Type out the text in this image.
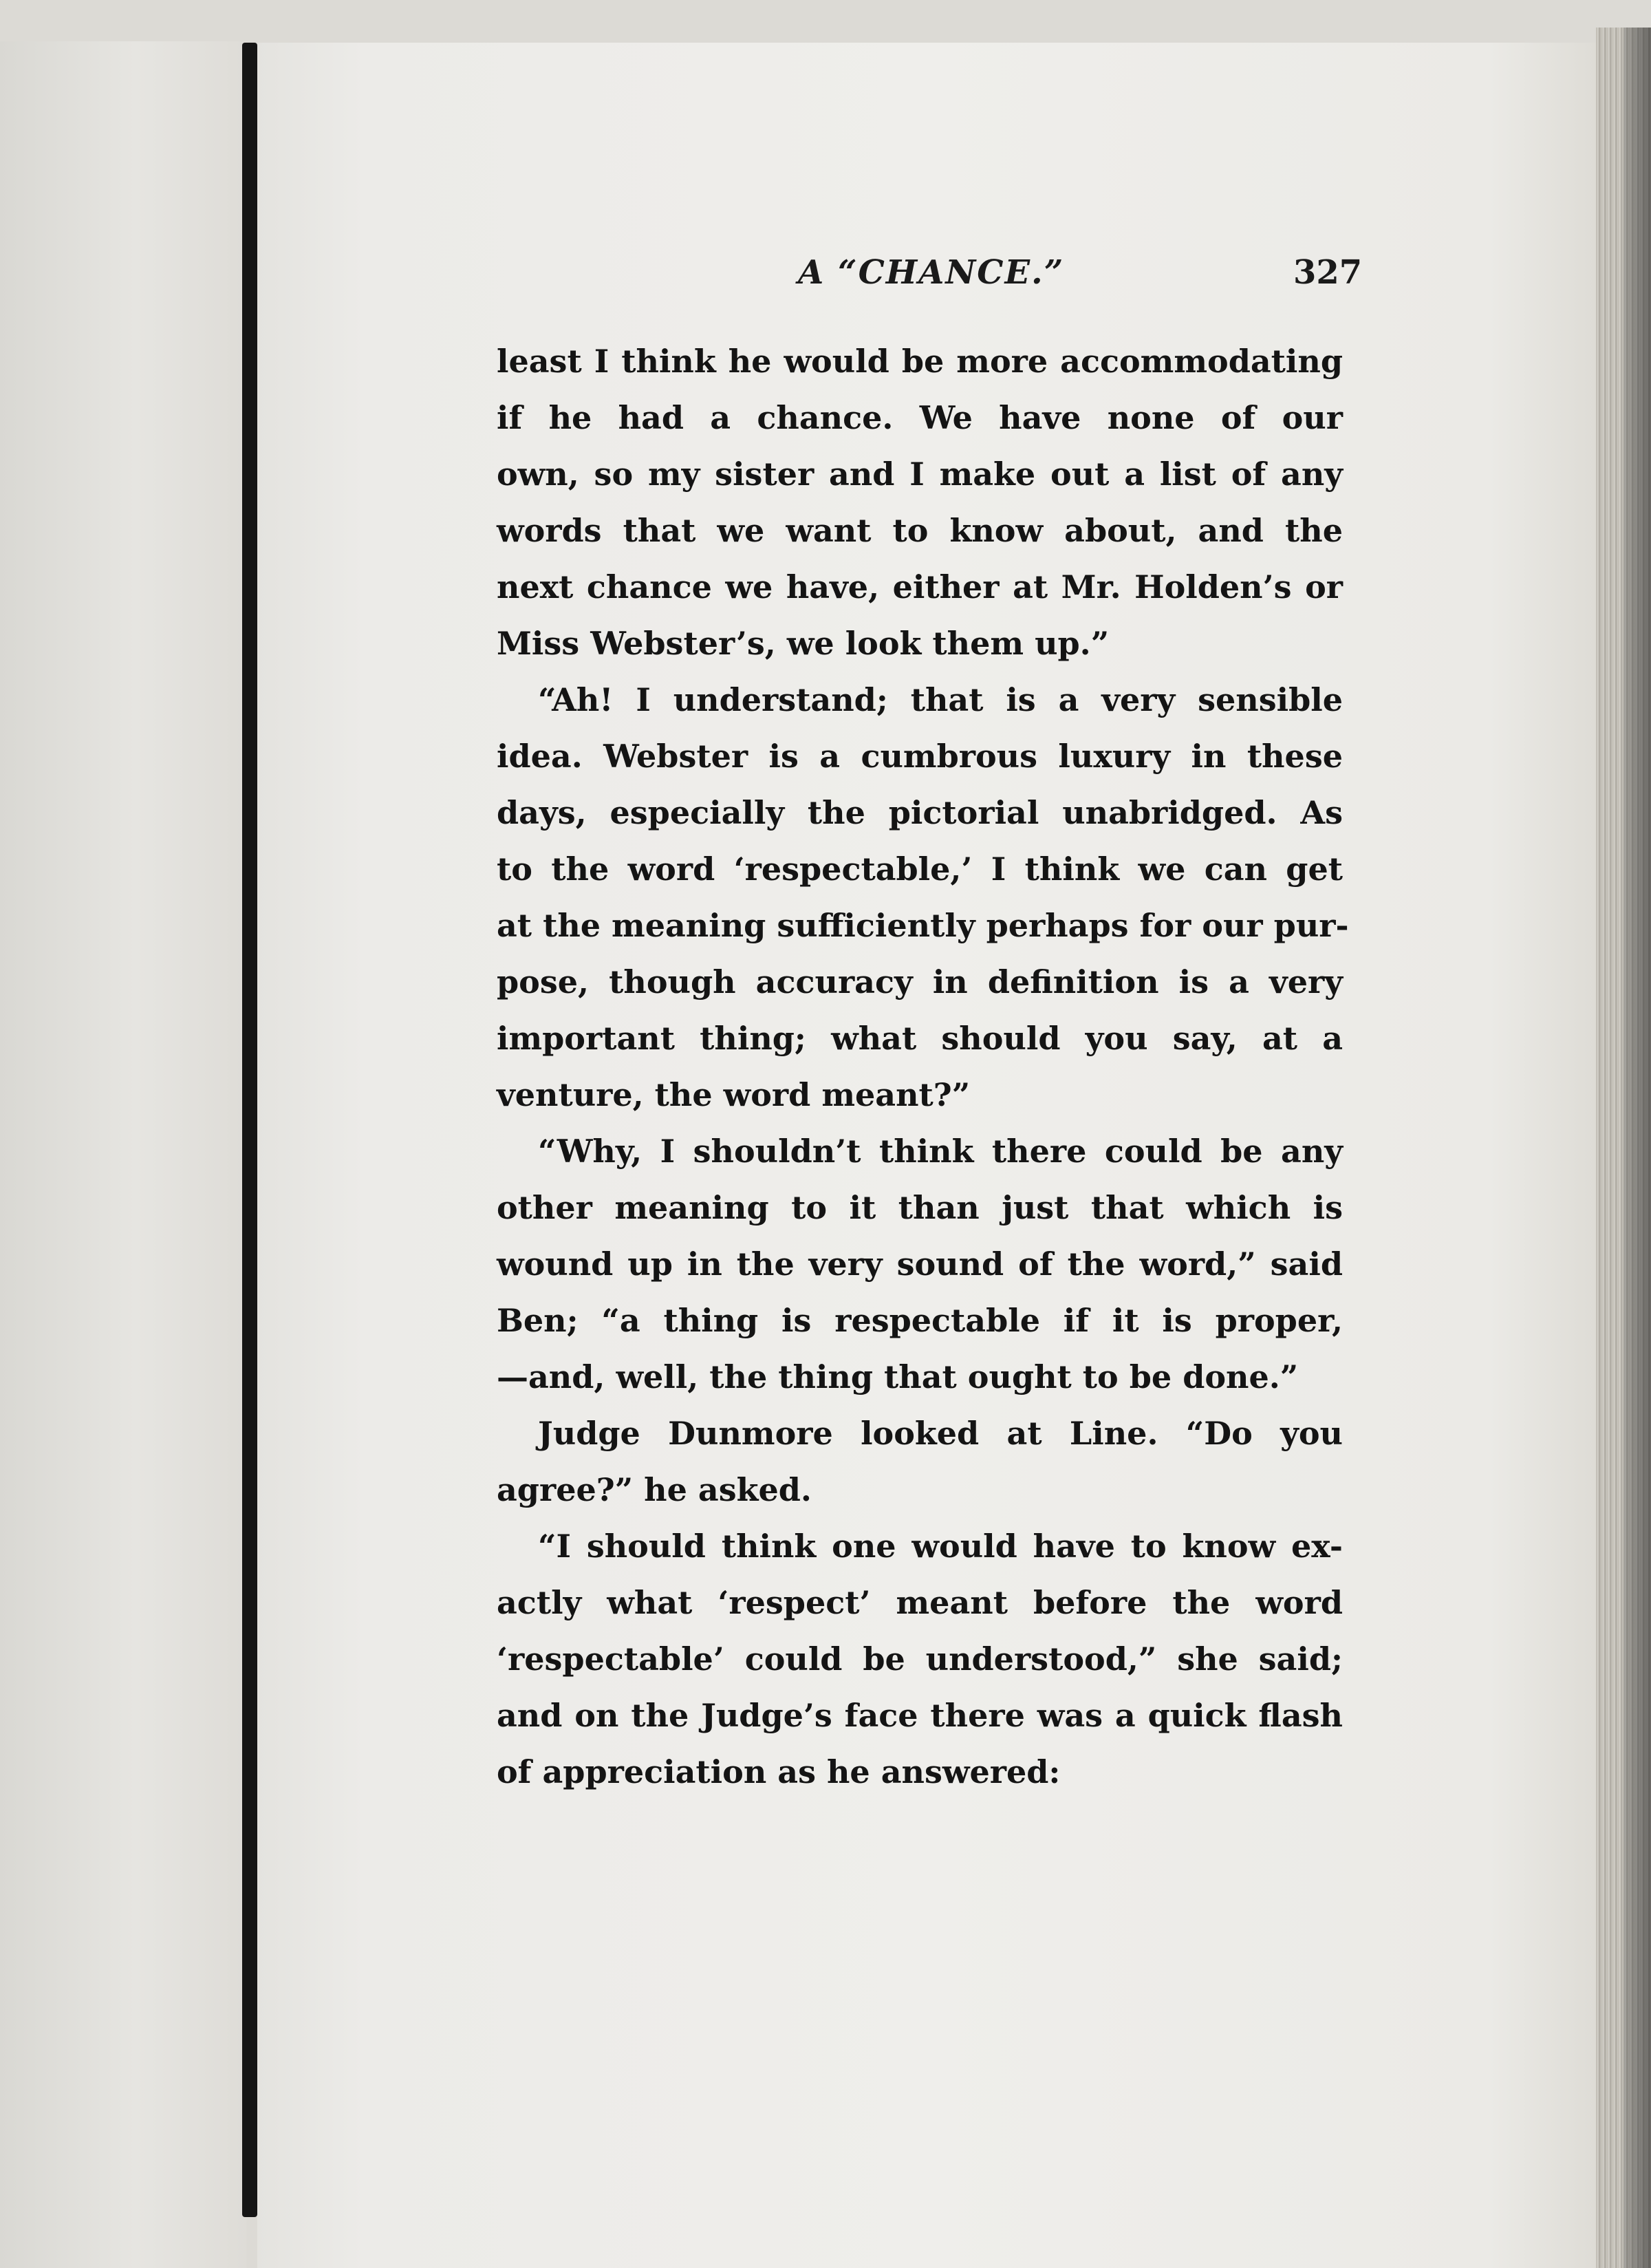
A “CHANCE.”	327
least I think he would be more accommodating
if he had a chance. We have none of our
own, so my sister and I make out a list of any
words that we want to know about, and the
next chance we have, either at Mr. Holden’s or
Miss Webster’s, we look them up.”
“Ah! I understand; that is a very sensible
idea. Webster is a cumbrous luxury in these
days, especially the pictorial unabridged. As
to the word ‘respectable,’ I think we can get
at the meaning sufficiently perhaps for our pur-
pose, though accuracy in definition is a very
important thing; what should you say, at a
venture, the word meant?”
“Why, I shouldn’t think there could be any
other meaning to it than just that which is
wound up in the very sound of the word,” said
Ben; “a thing is respectable if it is proper,
—and, well, the thing that ought to be done.”
Judge Dunmore looked at Line. “Do you
agree?” he asked.
“I should think one would have to know ex-
actly what ‘respect’ meant before the word
‘respectable’ could be understood,” she said;
and on the Judge’s face there was a quick flash
of appreciation as he answered:
